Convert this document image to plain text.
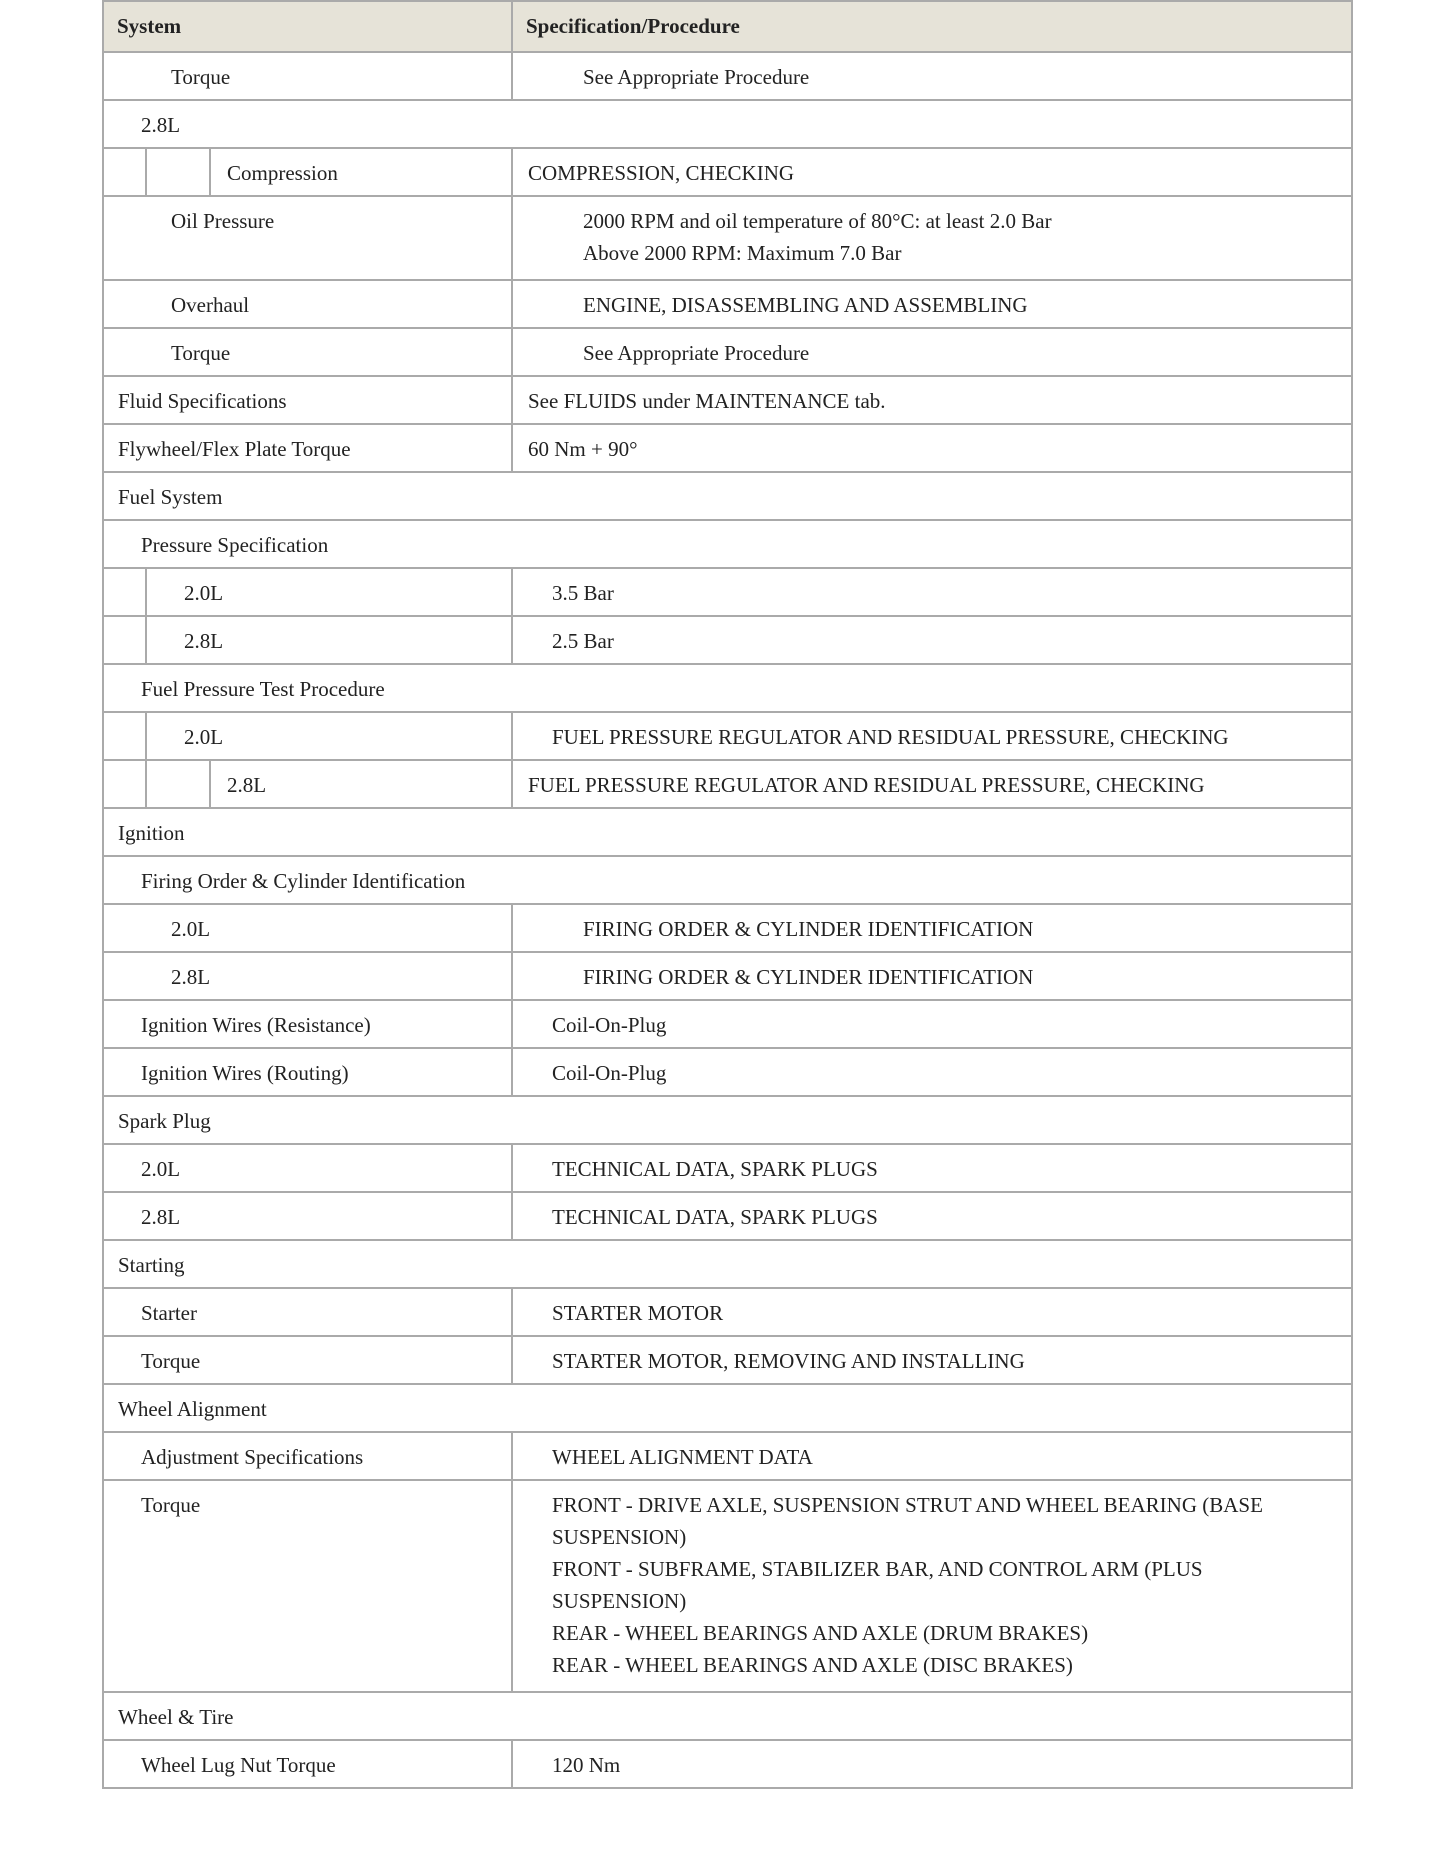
System	Specification/Procedure

Torque	See Appropriate Procedure

2.8L	

Compression	COMPRESSION, CHECKING

Oil Pressure	2000 RPM and oil temperature of 80°C: at least 2.0 Bar
Above 2000 RPM: Maximum 7.0 Bar

Overhaul	ENGINE, DISASSEMBLING AND ASSEMBLING

Torque	See Appropriate Procedure

Fluid Specifications	See FLUIDS under MAINTENANCE tab.

Flywheel/Flex Plate Torque	60 Nm + 90°

Fuel System	

Pressure Specification	

2.0L	3.5 Bar

2.8L	2.5 Bar

Fuel Pressure Test Procedure	

2.0L	FUEL PRESSURE REGULATOR AND RESIDUAL PRESSURE, CHECKING

2.8L	FUEL PRESSURE REGULATOR AND RESIDUAL PRESSURE, CHECKING

Ignition	

Firing Order & Cylinder Identification	

2.0L	FIRING ORDER & CYLINDER IDENTIFICATION

2.8L	FIRING ORDER & CYLINDER IDENTIFICATION

Ignition Wires (Resistance)	Coil-On-Plug

Ignition Wires (Routing)	Coil-On-Plug

Spark Plug	

2.0L	TECHNICAL DATA, SPARK PLUGS

2.8L	TECHNICAL DATA, SPARK PLUGS

Starting	

Starter	STARTER MOTOR

Torque	STARTER MOTOR, REMOVING AND INSTALLING

Wheel Alignment	

Adjustment Specifications	WHEEL ALIGNMENT DATA

Torque	FRONT - DRIVE AXLE, SUSPENSION STRUT AND WHEEL BEARING (BASE SUSPENSION)
FRONT - SUBFRAME, STABILIZER BAR, AND CONTROL ARM (PLUS SUSPENSION)
REAR - WHEEL BEARINGS AND AXLE (DRUM BRAKES)
REAR - WHEEL BEARINGS AND AXLE (DISC BRAKES)

Wheel & Tire	

Wheel Lug Nut Torque	120 Nm
